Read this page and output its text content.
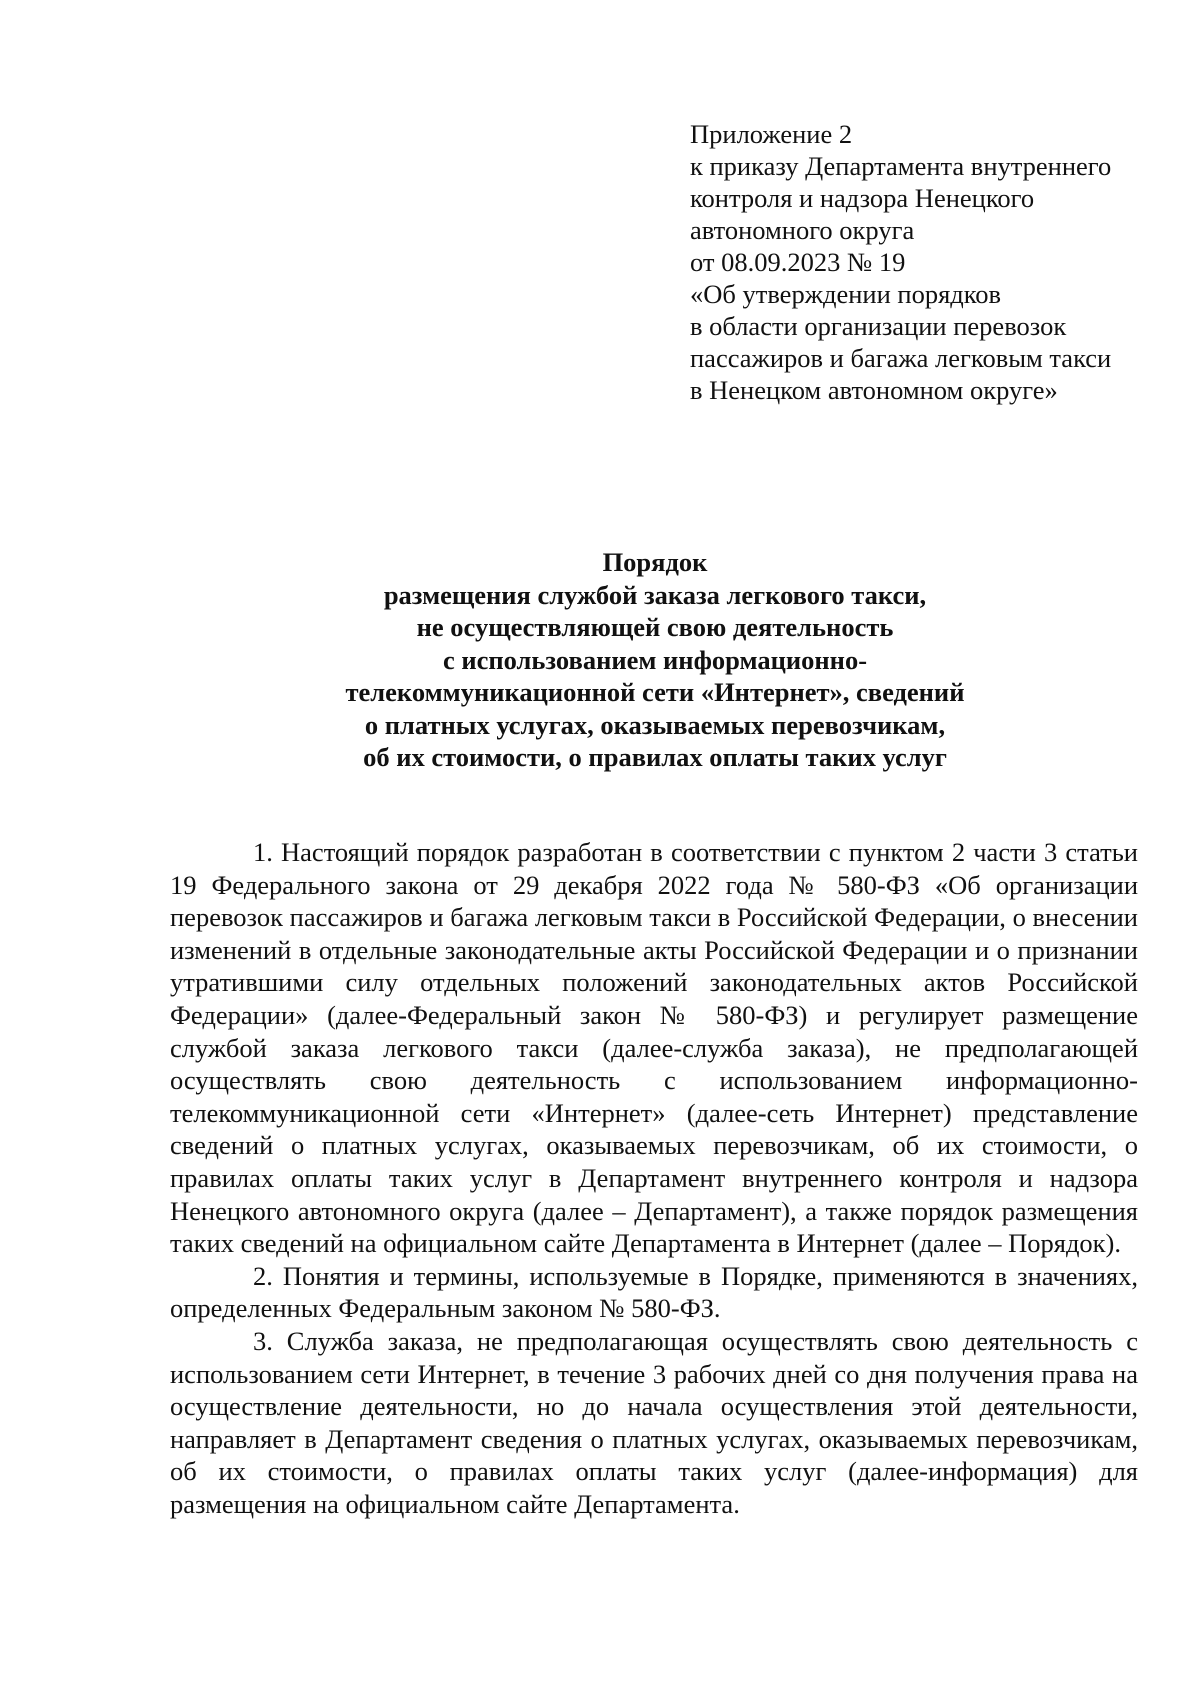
Приложение 2
к приказу Департамента внутреннего
контроля и надзора Ненецкого
автономного округа
от 08.09.2023 № 19
«Об утверждении порядков
в области организации перевозок
пассажиров и багажа легковым такси
в Ненецком автономном округе»
Порядок
размещения службой заказа легкового такси,
не осуществляющей свою деятельность
с использованием информационно-
телекоммуникационной сети «Интернет», сведений
о платных услугах, оказываемых перевозчикам,
об их стоимости, о правилах оплаты таких услуг

1. Настоящий порядок разработан в соответствии с пунктом 2 части 3 статьи 19 Федерального закона от 29 декабря 2022 года № 580-ФЗ «Об организации перевозок пассажиров и багажа легковым такси в Российской Федерации, о внесении изменений в отдельные законодательные акты Российской Федерации и о признании утратившими силу отдельных положений законодательных актов Российской Федерации» (далее-Федеральный закон № 580-ФЗ) и регулирует размещение службой заказа легкового такси (далее-служба заказа), не предполагающей осуществлять свою деятельность с использованием информационно-телекоммуникационной сети «Интернет» (далее-сеть Интернет) представление сведений о платных услугах, оказываемых перевозчикам, об их стоимости, о правилах оплаты таких услуг в Департамент внутреннего контроля и надзора Ненецкого автономного округа (далее – Департамент), а также порядок размещения таких сведений на официальном сайте Департамента в Интернет (далее – Порядок).

2. Понятия и термины, используемые в Порядке, применяются в значениях, определенных Федеральным законом № 580-ФЗ.

3. Служба заказа, не предполагающая осуществлять свою деятельность с использованием сети Интернет, в течение 3 рабочих дней со дня получения права на осуществление деятельности, но до начала осуществления этой деятельности, направляет в Департамент сведения о платных услугах, оказываемых перевозчикам, об их стоимости, о правилах оплаты таких услуг (далее-информация) для размещения на официальном сайте Департамента.
